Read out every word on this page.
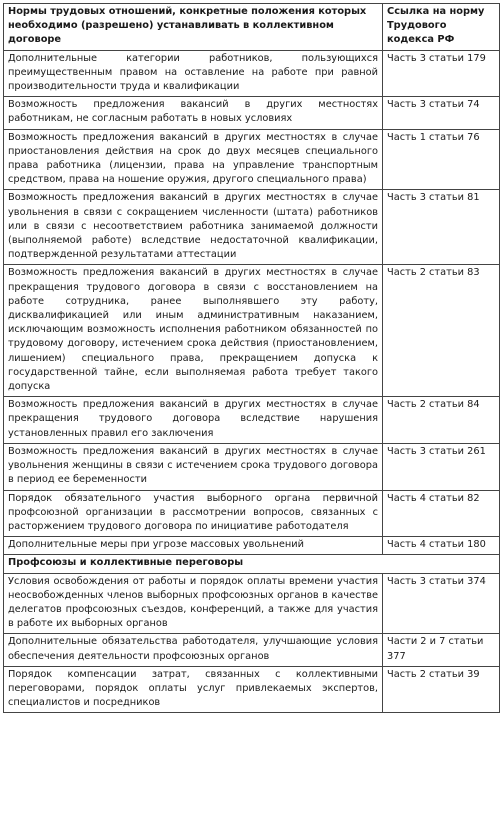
Нормы трудовых отношений, конкретные положения которых необходимо (разрешено) устанавливать в коллективном договоре	Ссылка на норму Трудового кодекса РФ
Дополнительные категории работников, пользующихся преимущественным правом на оставление на работе при равной производительности труда и квалификации	Часть 3 статьи 179
Возможность предложения вакансий в других местностях работникам, не согласным работать в новых условиях	Часть 3 статьи 74
Возможность предложения вакансий в других местностях в случае приостановления действия на срок до двух месяцев специального права работника (лицензии, права на управление транспортным средством, права на ношение оружия, другого специального права)	Часть 1 статьи 76
Возможность предложения вакансий в других местностях в случае увольнения в связи с сокращением численности (штата) работников или в связи с несоответствием работника занимаемой должности (выполняемой работе) вследствие недостаточной квалификации, подтвержденной результатами аттестации	Часть 3 статьи 81
Возможность предложения вакансий в других местностях в случае прекращения трудового договора в связи с восстановлением на работе сотрудника, ранее выполнявшего эту работу, дисквалификацией или иным административным наказанием, исключающим возможность исполнения работником обязанностей по трудовому договору, истечением срока действия (приостановлением, лишением) специального права, прекращением допуска к государственной тайне, если выполняемая работа требует такого допуска	Часть 2 статьи 83
Возможность предложения вакансий в других местностях в случае прекращения трудового договора вследствие нарушения установленных правил его заключения	Часть 2 статьи 84
Возможность предложения вакансий в других местностях в случае увольнения женщины в связи с истечением срока трудового договора в период ее беременности	Часть 3 статьи 261
Порядок обязательного участия выборного органа первичной профсоюзной организации в рассмотрении вопросов, связанных с расторжением трудового договора по инициативе работодателя	Часть 4 статьи 82
Дополнительные меры при угрозе массовых увольнений	Часть 4 статьи 180
Профсоюзы и коллективные переговоры	
Условия освобождения от работы и порядок оплаты времени участия неосвобожденных членов выборных профсоюзных органов в качестве делегатов профсоюзных съездов, конференций, а также для участия в работе их выборных органов	Часть 3 статьи 374
Дополнительные обязательства работодателя, улучшающие условия обеспечения деятельности профсоюзных органов	Части 2 и 7 статьи 377
Порядок компенсации затрат, связанных с коллективными переговорами, порядок оплаты услуг привлекаемых экспертов, специалистов и посредников	Часть 2 статьи 39
